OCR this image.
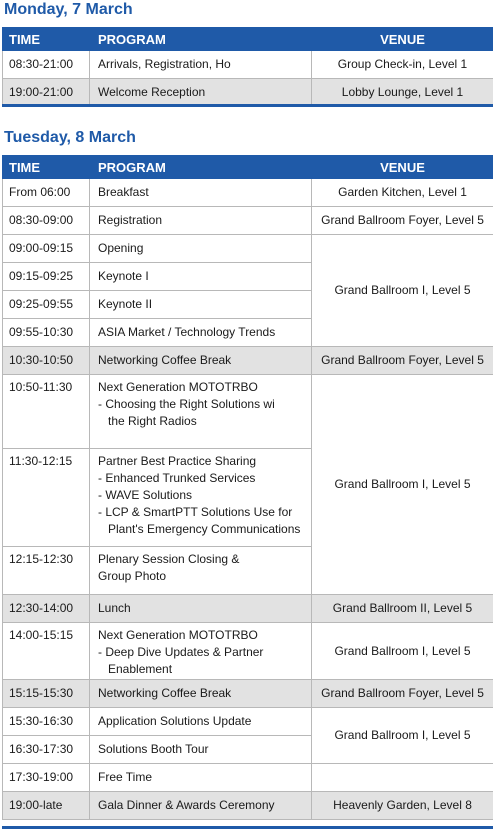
Monday, 7 March
TIME	PROGRAM	VENUE
08:30-21:00	Arrivals, Registration, Ho	Group Check-in, Level 1
19:00-21:00	Welcome Reception	Lobby Lounge, Level 1
Tuesday, 8 March
TIME	PROGRAM	VENUE
From 06:00	Breakfast	Garden Kitchen, Level 1
08:30-09:00	Registration	Grand Ballroom Foyer, Level 5
09:00-09:15	Opening	Grand Ballroom I, Level 5
09:15-09:25	Keynote I	
09:25-09:55	Keynote II	
09:55-10:30	ASIA Market / Technology Trends	
10:30-10:50	Networking Coffee Break	Grand Ballroom Foyer, Level 5
10:50-11:30	Next Generation MOTOTRBO
- Choosing the Right Solutions wi
the Right Radios	Grand Ballroom I, Level 5
11:30-12:15	Partner Best Practice Sharing
- Enhanced Trunked Services
- WAVE Solutions
- LCP & SmartPTT Solutions Use for
Plant's Emergency Communications	

12:15-12:30	Plenary Session Closing &
Group Photo	

12:30-14:00	Lunch	Grand Ballroom II, Level 5
14:00-15:15	Next Generation MOTOTRBO
- Deep Dive Updates & Partner
Enablement	Grand Ballroom I, Level 5
15:15-15:30	Networking Coffee Break	Grand Ballroom Foyer, Level 5
15:30-16:30	Application Solutions Update	Grand Ballroom I, Level 5
16:30-17:30	Solutions Booth Tour	
17:30-19:00	Free Time	
19:00-late	Gala Dinner & Awards Ceremony	Heavenly Garden, Level 8
